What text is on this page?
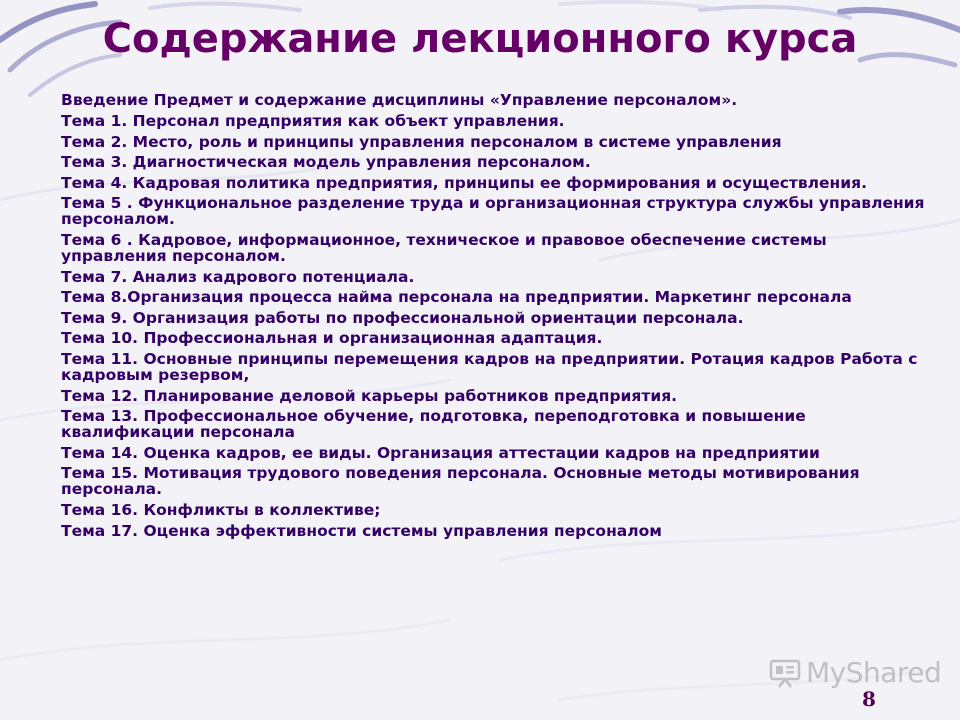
Содержание лекционного курса
Введение Предмет и содержание дисциплины «Управление персоналом».
Тема 1. Персонал предприятия как объект управления.
Тема 2. Место, роль и принципы управления персоналом в системе управления
Тема 3. Диагностическая модель управления персоналом.
Тема 4. Кадровая политика предприятия, принципы ее формирования и осуществления.
Тема 5 . Функциональное разделение труда и организационная структура службы управления персоналом.
Тема 6 . Кадровое, информационное, техническое и правовое обеспечение системы управления персоналом.
Тема 7. Анализ кадрового потенциала.
Тема 8.Организация процесса найма персонала на предприятии. Маркетинг персонала
Тема 9. Организация работы по профессиональной ориентации персонала.
Тема 10. Профессиональная и организационная адаптация.
Тема 11. Основные принципы перемещения кадров на предприятии. Ротация кадров Работа с кадровым резервом,
Тема 12. Планирование деловой карьеры работников предприятия.
Тема 13. Профессиональное обучение, подготовка, переподготовка и повышение квалификации персонала
Тема 14. Оценка кадров, ее виды. Организация аттестации кадров на предприятии
Тема 15. Мотивация трудового поведения персонала. Основные методы мотивирования персонала.
Тема 16. Конфликты в коллективе;
Тема 17. Оценка эффективности системы управления персоналом
MyShared
8
